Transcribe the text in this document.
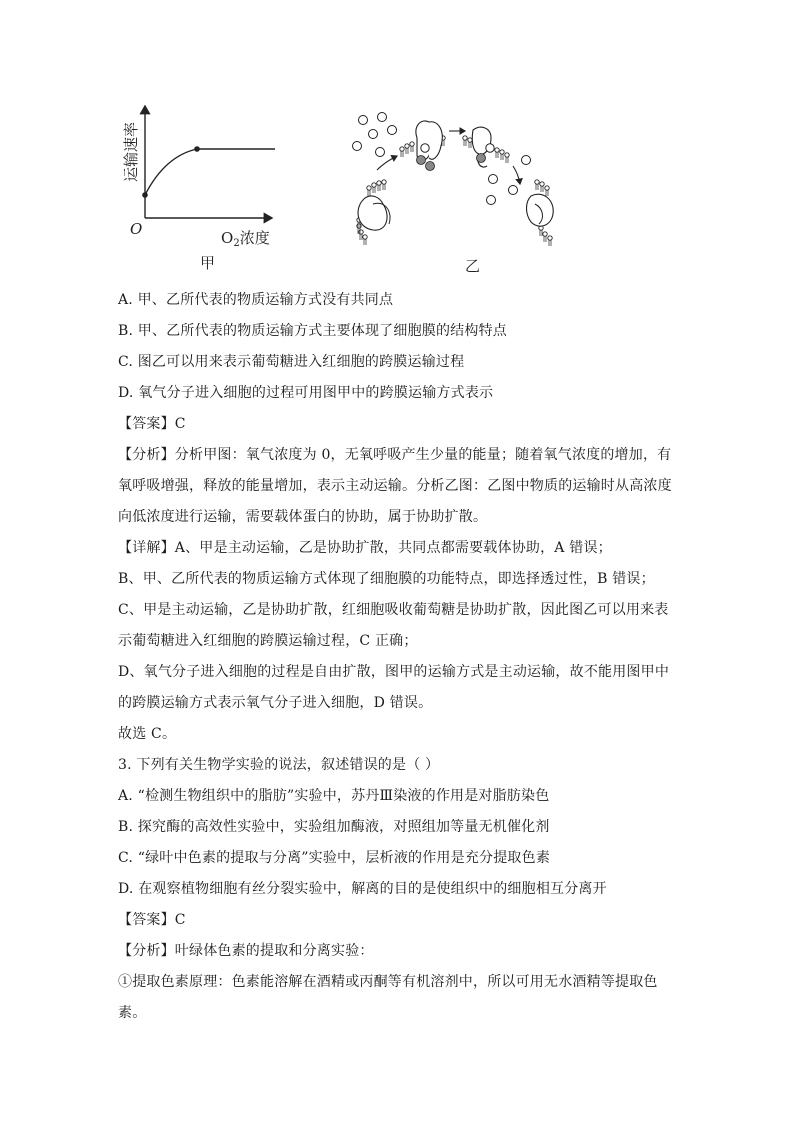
运输速率
O	$O_2$浓度
甲	乙
A. 甲、乙所代表的物质运输方式没有共同点
B. 甲、乙所代表的物质运输方式主要体现了细胞膜的结构特点
C. 图乙可以用来表示葡萄糖进入红细胞的跨膜运输过程
D. 氧气分子进入细胞的过程可用图甲中的跨膜运输方式表示
【答案】C
【分析】分析甲图：氧气浓度为 0，无氧呼吸产生少量的能量；随着氧气浓度的增加，有
氧呼吸增强，释放的能量增加，表示主动运输。分析乙图：乙图中物质的运输时从高浓度
向低浓度进行运输，需要载体蛋白的协助，属于协助扩散。
【详解】A、甲是主动运输，乙是协助扩散，共同点都需要载体协助，A 错误；
B、甲、乙所代表的物质运输方式体现了细胞膜的功能特点，即选择透过性，B 错误；
C、甲是主动运输，乙是协助扩散，红细胞吸收葡萄糖是协助扩散，因此图乙可以用来表
示葡萄糖进入红细胞的跨膜运输过程，C 正确；
D、氧气分子进入细胞的过程是自由扩散，图甲的运输方式是主动运输，故不能用图甲中
的跨膜运输方式表示氧气分子进入细胞，D 错误。
故选 C。
3. 下列有关生物学实验的说法，叙述错误的是（ ）
A. “检测生物组织中的脂肪”实验中，苏丹Ⅲ染液的作用是对脂肪染色
B. 探究酶的高效性实验中，实验组加酶液，对照组加等量无机催化剂
C. “绿叶中色素的提取与分离”实验中，层析液的作用是充分提取色素
D. 在观察植物细胞有丝分裂实验中，解离的目的是使组织中的细胞相互分离开
【答案】C
【分析】叶绿体色素的提取和分离实验：
①提取色素原理：色素能溶解在酒精或丙酮等有机溶剂中，所以可用无水酒精等提取色
素。
